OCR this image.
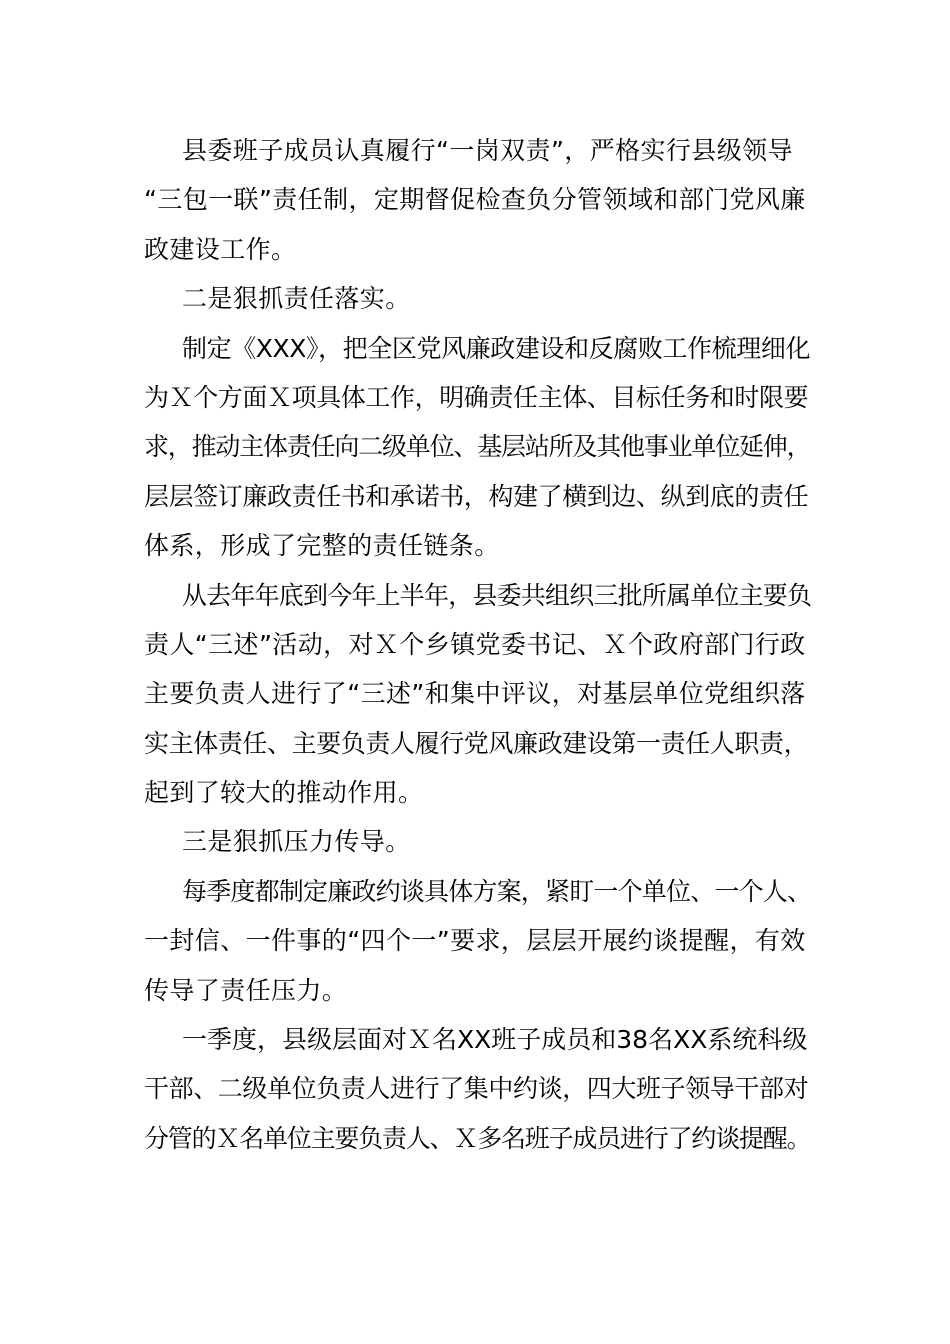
县委班子成员认真履行“一岗双责”，严格实行县级领导
“三包一联”责任制，定期督促检查负分管领域和部门党风廉
政建设工作。
二是狠抓责任落实。
制定《XXX》，把全区党风廉政建设和反腐败工作梳理细化
为Ｘ个方面Ｘ项具体工作，明确责任主体、目标任务和时限要
求，推动主体责任向二级单位、基层站所及其他事业单位延伸，
层层签订廉政责任书和承诺书，构建了横到边、纵到底的责任
体系，形成了完整的责任链条。
从去年年底到今年上半年，县委共组织三批所属单位主要负
责人“三述”活动，对Ｘ个乡镇党委书记、Ｘ个政府部门行政
主要负责人进行了“三述”和集中评议，对基层单位党组织落
实主体责任、主要负责人履行党风廉政建设第一责任人职责，
起到了较大的推动作用。
三是狠抓压力传导。
每季度都制定廉政约谈具体方案，紧盯一个单位、一个人、
一封信、一件事的“四个一”要求，层层开展约谈提醒，有效
传导了责任压力。
一季度，县级层面对Ｘ名XX班子成员和38名XX系统科级
干部、二级单位负责人进行了集中约谈，四大班子领导干部对
分管的Ｘ名单位主要负责人、Ｘ多名班子成员进行了约谈提醒。
